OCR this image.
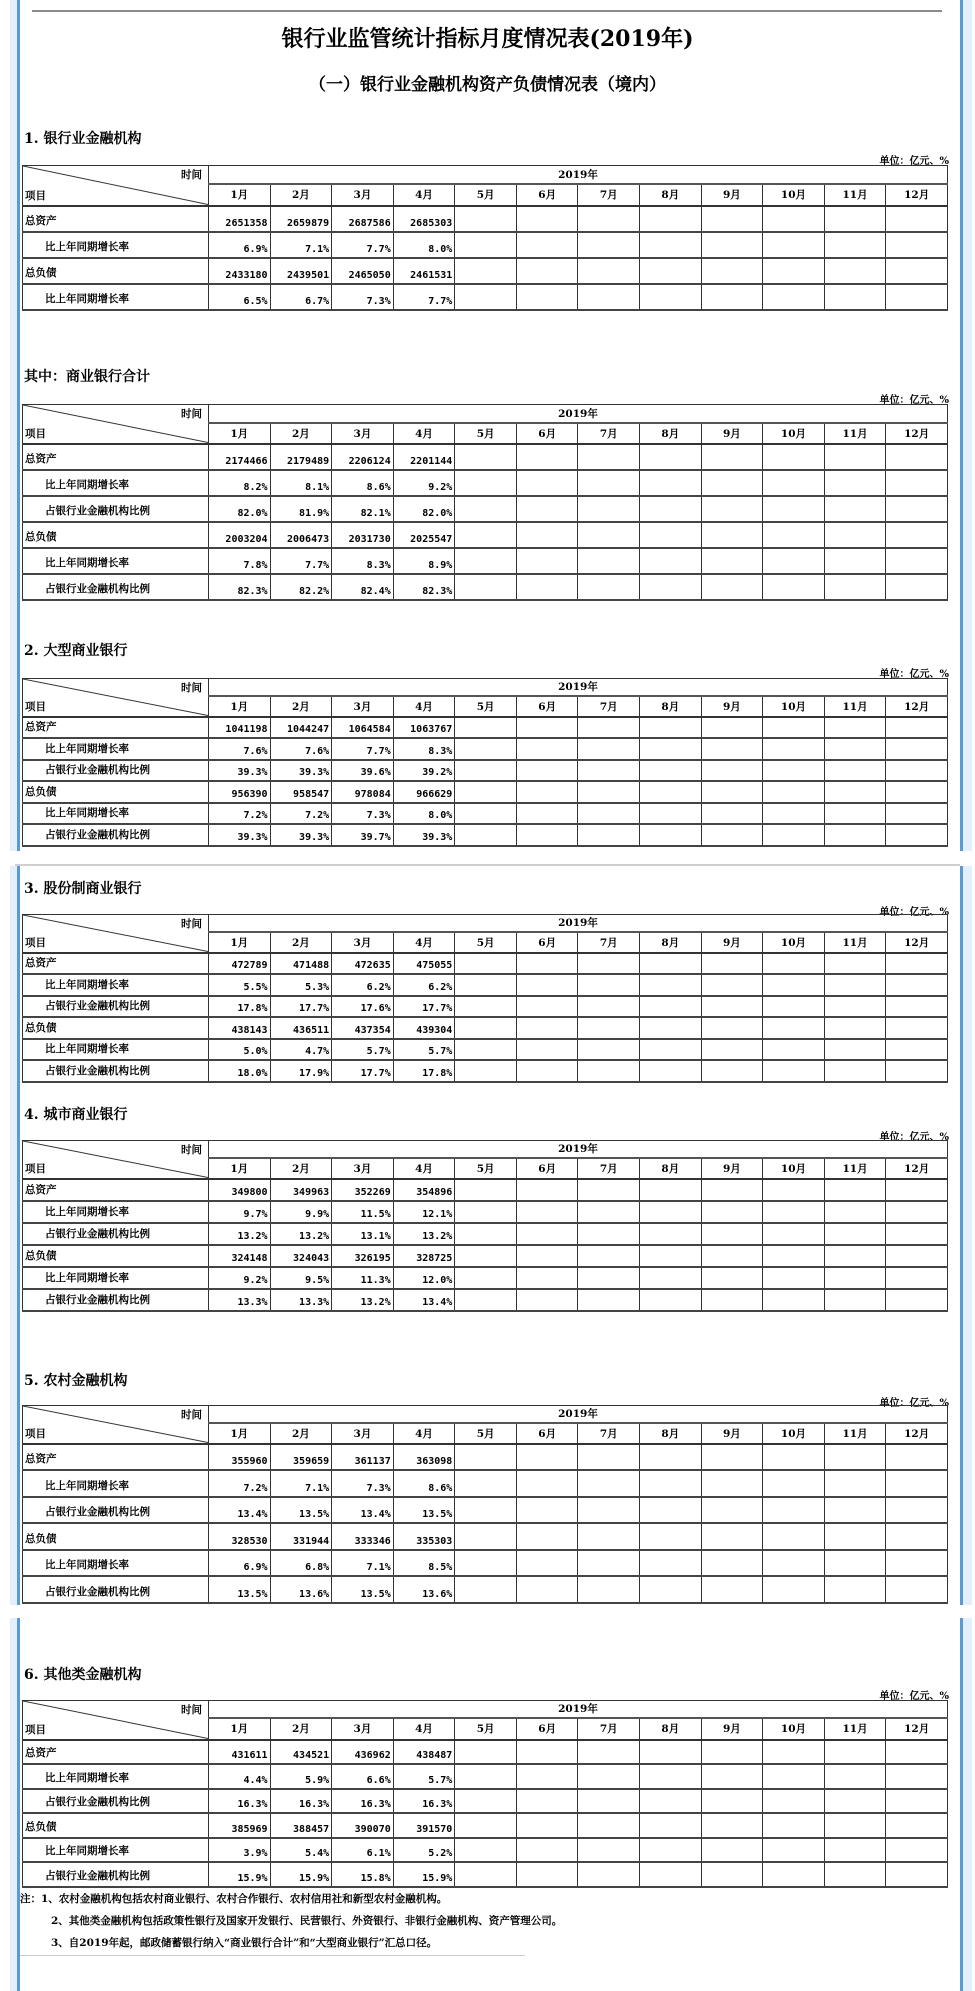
银行业监管统计指标月度情况表(2019年)
（一）银行业金融机构资产负债情况表（境内）
1. 银行业金融机构
单位：亿元、%
时间
项目	2019年											
	1月	2月	3月	4月	5月	6月	7月	8月	9月	10月	11月	12月
总资产	2651358	2659879	2687586	2685303								
比上年同期增长率	6.9%	7.1%	7.7%	8.0%								
总负债	2433180	2439501	2465050	2461531								
比上年同期增长率	6.5%	6.7%	7.3%	7.7%								
其中：商业银行合计
单位：亿元、%
时间
项目	2019年											
	1月	2月	3月	4月	5月	6月	7月	8月	9月	10月	11月	12月
总资产	2174466	2179489	2206124	2201144								
比上年同期增长率	8.2%	8.1%	8.6%	9.2%								
占银行业金融机构比例	82.0%	81.9%	82.1%	82.0%								
总负债	2003204	2006473	2031730	2025547								
比上年同期增长率	7.8%	7.7%	8.3%	8.9%								
占银行业金融机构比例	82.3%	82.2%	82.4%	82.3%								
2. 大型商业银行
单位：亿元、%
时间
项目	2019年											
	1月	2月	3月	4月	5月	6月	7月	8月	9月	10月	11月	12月
总资产	1041198	1044247	1064584	1063767								
比上年同期增长率	7.6%	7.6%	7.7%	8.3%								
占银行业金融机构比例	39.3%	39.3%	39.6%	39.2%								
总负债	956390	958547	978084	966629								
比上年同期增长率	7.2%	7.2%	7.3%	8.0%								
占银行业金融机构比例	39.3%	39.3%	39.7%	39.3%								
3. 股份制商业银行
单位：亿元、%
时间
项目	2019年											
	1月	2月	3月	4月	5月	6月	7月	8月	9月	10月	11月	12月
总资产	472789	471488	472635	475055								
比上年同期增长率	5.5%	5.3%	6.2%	6.2%								
占银行业金融机构比例	17.8%	17.7%	17.6%	17.7%								
总负债	438143	436511	437354	439304								
比上年同期增长率	5.0%	4.7%	5.7%	5.7%								
占银行业金融机构比例	18.0%	17.9%	17.7%	17.8%								
4. 城市商业银行
单位：亿元、%
时间
项目	2019年											
	1月	2月	3月	4月	5月	6月	7月	8月	9月	10月	11月	12月
总资产	349800	349963	352269	354896								
比上年同期增长率	9.7%	9.9%	11.5%	12.1%								
占银行业金融机构比例	13.2%	13.2%	13.1%	13.2%								
总负债	324148	324043	326195	328725								
比上年同期增长率	9.2%	9.5%	11.3%	12.0%								
占银行业金融机构比例	13.3%	13.3%	13.2%	13.4%								
5. 农村金融机构
单位：亿元、%
时间
项目	2019年											
	1月	2月	3月	4月	5月	6月	7月	8月	9月	10月	11月	12月
总资产	355960	359659	361137	363098								
比上年同期增长率	7.2%	7.1%	7.3%	8.6%								
占银行业金融机构比例	13.4%	13.5%	13.4%	13.5%								
总负债	328530	331944	333346	335303								
比上年同期增长率	6.9%	6.8%	7.1%	8.5%								
占银行业金融机构比例	13.5%	13.6%	13.5%	13.6%								
6. 其他类金融机构
单位：亿元、%
时间
项目	2019年											
	1月	2月	3月	4月	5月	6月	7月	8月	9月	10月	11月	12月
总资产	431611	434521	436962	438487								
比上年同期增长率	4.4%	5.9%	6.6%	5.7%								
占银行业金融机构比例	16.3%	16.3%	16.3%	16.3%								
总负债	385969	388457	390070	391570								
比上年同期增长率	3.9%	5.4%	6.1%	5.2%								
占银行业金融机构比例	15.9%	15.9%	15.8%	15.9%								
注：1、农村金融机构包括农村商业银行、农村合作银行、农村信用社和新型农村金融机构。
2、其他类金融机构包括政策性银行及国家开发银行、民营银行、外资银行、非银行金融机构、资产管理公司。
3、自2019年起，邮政储蓄银行纳入“商业银行合计”和“大型商业银行”汇总口径。
